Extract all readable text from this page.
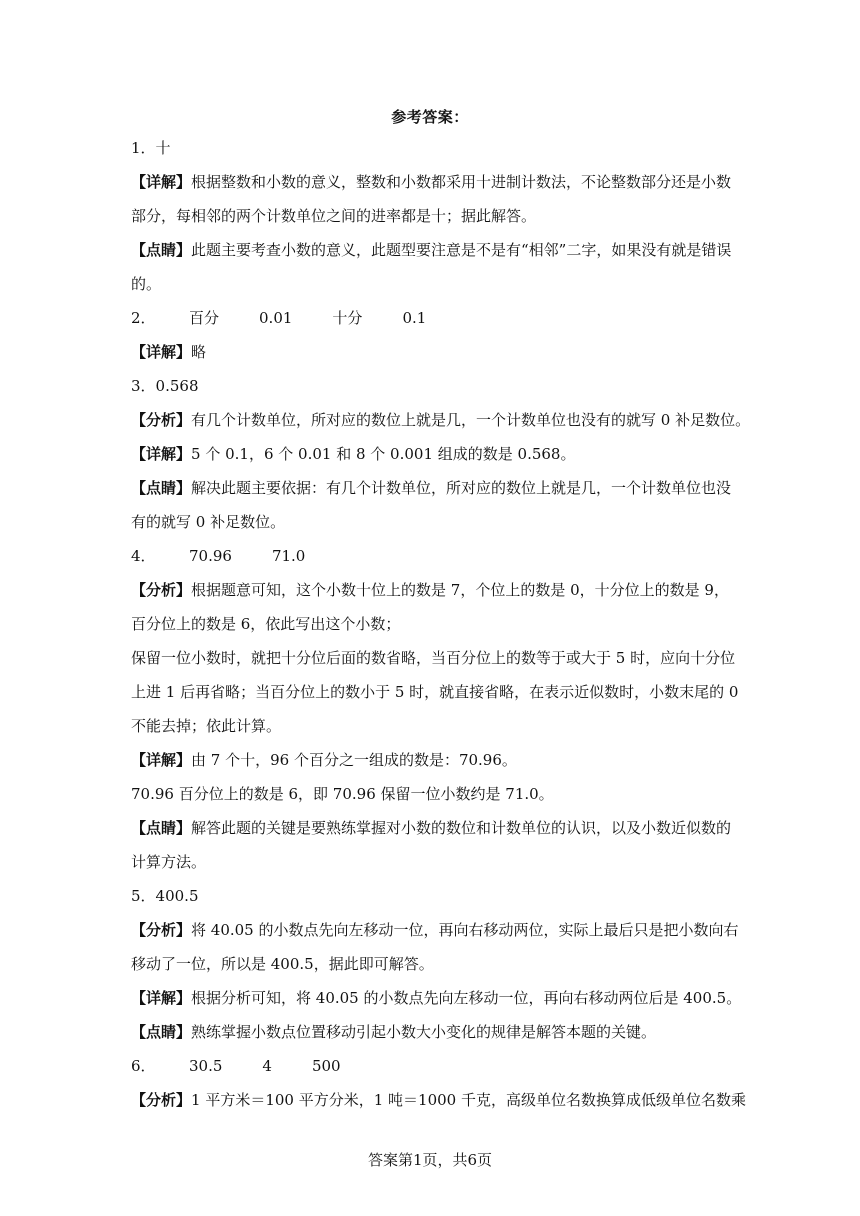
参考答案：
1．十
【详解】根据整数和小数的意义，整数和小数都采用十进制计数法，不论整数部分还是小数
部分，每相邻的两个计数单位之间的进率都是十；据此解答。
【点睛】此题主要考查小数的意义，此题型要注意是不是有“相邻”二字，如果没有就是错误
的。
2． 百分	0.01	十分	0.1
【详解】略
3．0.568
【分析】有几个计数单位，所对应的数位上就是几，一个计数单位也没有的就写 0 补足数位。
【详解】5 个 0.1，6 个 0.01 和 8 个 0.001 组成的数是 0.568。
【点睛】解决此题主要依据：有几个计数单位，所对应的数位上就是几，一个计数单位也没
有的就写 0 补足数位。
4． 70.96	71.0
【分析】根据题意可知，这个小数十位上的数是 7，个位上的数是 0，十分位上的数是 9，
百分位上的数是 6，依此写出这个小数；
保留一位小数时，就把十分位后面的数省略，当百分位上的数等于或大于 5 时，应向十分位
上进 1 后再省略；当百分位上的数小于 5 时，就直接省略，在表示近似数时，小数末尾的 0
不能去掉；依此计算。
【详解】由 7 个十，96 个百分之一组成的数是：70.96。
70.96 百分位上的数是 6，即 70.96 保留一位小数约是 71.0。
【点睛】解答此题的关键是要熟练掌握对小数的数位和计数单位的认识，以及小数近似数的
计算方法。
5．400.5
【分析】将 40.05 的小数点先向左移动一位，再向右移动两位，实际上最后只是把小数向右
移动了一位，所以是 400.5，据此即可解答。
【详解】根据分析可知，将 40.05 的小数点先向左移动一位，再向右移动两位后是 400.5。
【点睛】熟练掌握小数点位置移动引起小数大小变化的规律是解答本题的关键。
6． 30.5	4	500
【分析】1 平方米＝100 平方分米，1 吨＝1000 千克，高级单位名数换算成低级单位名数乘
答案第1页，共6页
